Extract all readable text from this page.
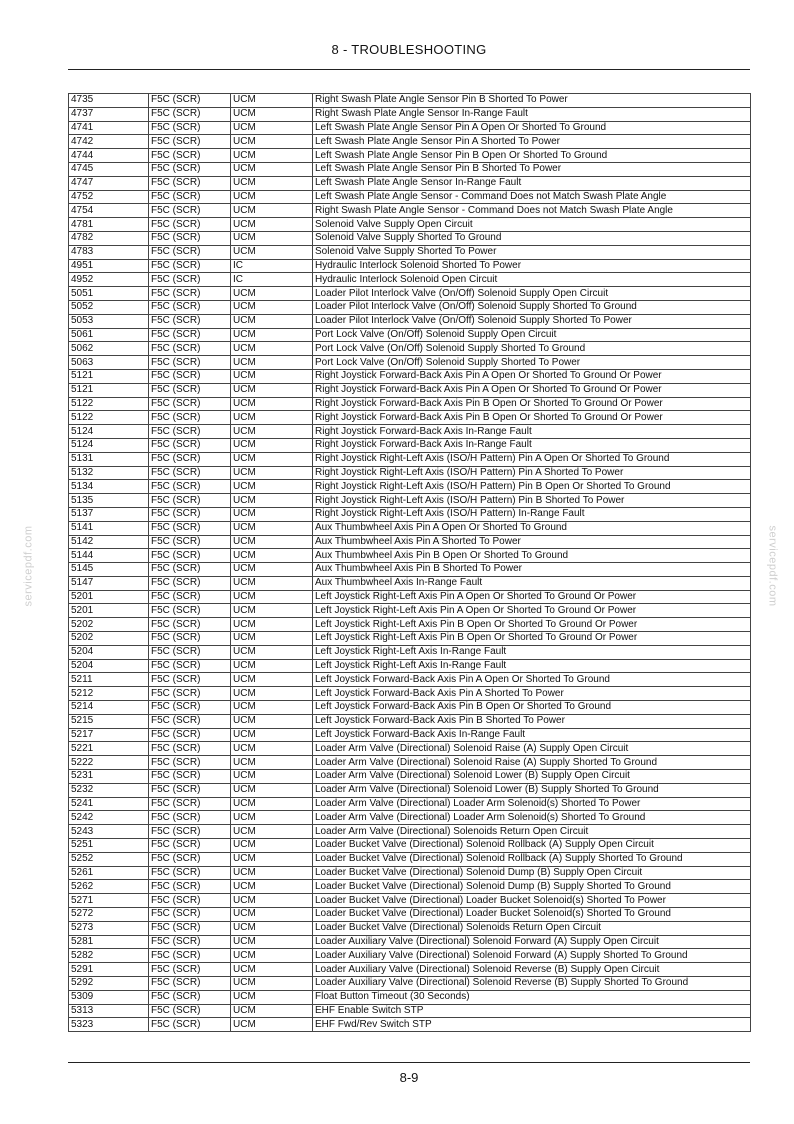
8 - TROUBLESHOOTING
servicepdf.com	servicepdf.com
4735	F5C (SCR)	UCM	Right Swash Plate Angle Sensor Pin B Shorted To Power
4737	F5C (SCR)	UCM	Right Swash Plate Angle Sensor In-Range Fault
4741	F5C (SCR)	UCM	Left Swash Plate Angle Sensor Pin A Open Or Shorted To Ground
4742	F5C (SCR)	UCM	Left Swash Plate Angle Sensor Pin A Shorted To Power
4744	F5C (SCR)	UCM	Left Swash Plate Angle Sensor Pin B Open Or Shorted To Ground
4745	F5C (SCR)	UCM	Left Swash Plate Angle Sensor Pin B Shorted To Power
4747	F5C (SCR)	UCM	Left Swash Plate Angle Sensor In-Range Fault
4752	F5C (SCR)	UCM	Left Swash Plate Angle Sensor - Command Does not Match Swash Plate Angle
4754	F5C (SCR)	UCM	Right Swash Plate Angle Sensor - Command Does not Match Swash Plate Angle
4781	F5C (SCR)	UCM	Solenoid Valve Supply Open Circuit
4782	F5C (SCR)	UCM	Solenoid Valve Supply Shorted To Ground
4783	F5C (SCR)	UCM	Solenoid Valve Supply Shorted To Power
4951	F5C (SCR)	IC	Hydraulic Interlock Solenoid Shorted To Power
4952	F5C (SCR)	IC	Hydraulic Interlock Solenoid Open Circuit
5051	F5C (SCR)	UCM	Loader Pilot Interlock Valve (On/Off) Solenoid Supply Open Circuit
5052	F5C (SCR)	UCM	Loader Pilot Interlock Valve (On/Off) Solenoid Supply Shorted To Ground
5053	F5C (SCR)	UCM	Loader Pilot Interlock Valve (On/Off) Solenoid Supply Shorted To Power
5061	F5C (SCR)	UCM	Port Lock Valve (On/Off) Solenoid Supply Open Circuit
5062	F5C (SCR)	UCM	Port Lock Valve (On/Off) Solenoid Supply Shorted To Ground
5063	F5C (SCR)	UCM	Port Lock Valve (On/Off) Solenoid Supply Shorted To Power
5121	F5C (SCR)	UCM	Right Joystick Forward-Back Axis Pin A Open Or Shorted To Ground Or Power
5121	F5C (SCR)	UCM	Right Joystick Forward-Back Axis Pin A Open Or Shorted To Ground Or Power
5122	F5C (SCR)	UCM	Right Joystick Forward-Back Axis Pin B Open Or Shorted To Ground Or Power
5122	F5C (SCR)	UCM	Right Joystick Forward-Back Axis Pin B Open Or Shorted To Ground Or Power
5124	F5C (SCR)	UCM	Right Joystick Forward-Back Axis In-Range Fault
5124	F5C (SCR)	UCM	Right Joystick Forward-Back Axis In-Range Fault
5131	F5C (SCR)	UCM	Right Joystick Right-Left Axis (ISO/H Pattern) Pin A Open Or Shorted To Ground
5132	F5C (SCR)	UCM	Right Joystick Right-Left Axis (ISO/H Pattern) Pin A Shorted To Power
5134	F5C (SCR)	UCM	Right Joystick Right-Left Axis (ISO/H Pattern) Pin B Open Or Shorted To Ground
5135	F5C (SCR)	UCM	Right Joystick Right-Left Axis (ISO/H Pattern) Pin B Shorted To Power
5137	F5C (SCR)	UCM	Right Joystick Right-Left Axis (ISO/H Pattern) In-Range Fault
5141	F5C (SCR)	UCM	Aux Thumbwheel Axis Pin A Open Or Shorted To Ground
5142	F5C (SCR)	UCM	Aux Thumbwheel Axis Pin A Shorted To Power
5144	F5C (SCR)	UCM	Aux Thumbwheel Axis Pin B Open Or Shorted To Ground
5145	F5C (SCR)	UCM	Aux Thumbwheel Axis Pin B Shorted To Power
5147	F5C (SCR)	UCM	Aux Thumbwheel Axis In-Range Fault
5201	F5C (SCR)	UCM	Left Joystick Right-Left Axis Pin A Open Or Shorted To Ground Or Power
5201	F5C (SCR)	UCM	Left Joystick Right-Left Axis Pin A Open Or Shorted To Ground Or Power
5202	F5C (SCR)	UCM	Left Joystick Right-Left Axis Pin B Open Or Shorted To Ground Or Power
5202	F5C (SCR)	UCM	Left Joystick Right-Left Axis Pin B Open Or Shorted To Ground Or Power
5204	F5C (SCR)	UCM	Left Joystick Right-Left Axis In-Range Fault
5204	F5C (SCR)	UCM	Left Joystick Right-Left Axis In-Range Fault
5211	F5C (SCR)	UCM	Left Joystick Forward-Back Axis Pin A Open Or Shorted To Ground
5212	F5C (SCR)	UCM	Left Joystick Forward-Back Axis Pin A Shorted To Power
5214	F5C (SCR)	UCM	Left Joystick Forward-Back Axis Pin B Open Or Shorted To Ground
5215	F5C (SCR)	UCM	Left Joystick Forward-Back Axis Pin B Shorted To Power
5217	F5C (SCR)	UCM	Left Joystick Forward-Back Axis In-Range Fault
5221	F5C (SCR)	UCM	Loader Arm Valve (Directional) Solenoid Raise (A) Supply Open Circuit
5222	F5C (SCR)	UCM	Loader Arm Valve (Directional) Solenoid Raise (A) Supply Shorted To Ground
5231	F5C (SCR)	UCM	Loader Arm Valve (Directional) Solenoid Lower (B) Supply Open Circuit
5232	F5C (SCR)	UCM	Loader Arm Valve (Directional) Solenoid Lower (B) Supply Shorted To Ground
5241	F5C (SCR)	UCM	Loader Arm Valve (Directional) Loader Arm Solenoid(s) Shorted To Power
5242	F5C (SCR)	UCM	Loader Arm Valve (Directional) Loader Arm Solenoid(s) Shorted To Ground
5243	F5C (SCR)	UCM	Loader Arm Valve (Directional) Solenoids Return Open Circuit
5251	F5C (SCR)	UCM	Loader Bucket Valve (Directional) Solenoid Rollback (A) Supply Open Circuit
5252	F5C (SCR)	UCM	Loader Bucket Valve (Directional) Solenoid Rollback (A) Supply Shorted To Ground
5261	F5C (SCR)	UCM	Loader Bucket Valve (Directional) Solenoid Dump (B) Supply Open Circuit
5262	F5C (SCR)	UCM	Loader Bucket Valve (Directional) Solenoid Dump (B) Supply Shorted To Ground
5271	F5C (SCR)	UCM	Loader Bucket Valve (Directional) Loader Bucket Solenoid(s) Shorted To Power
5272	F5C (SCR)	UCM	Loader Bucket Valve (Directional) Loader Bucket Solenoid(s) Shorted To Ground
5273	F5C (SCR)	UCM	Loader Bucket Valve (Directional) Solenoids Return Open Circuit
5281	F5C (SCR)	UCM	Loader Auxiliary Valve (Directional) Solenoid Forward (A) Supply Open Circuit
5282	F5C (SCR)	UCM	Loader Auxiliary Valve (Directional) Solenoid Forward (A) Supply Shorted To Ground
5291	F5C (SCR)	UCM	Loader Auxiliary Valve (Directional) Solenoid Reverse (B) Supply Open Circuit
5292	F5C (SCR)	UCM	Loader Auxiliary Valve (Directional) Solenoid Reverse (B) Supply Shorted To Ground
5309	F5C (SCR)	UCM	Float Button Timeout (30 Seconds)
5313	F5C (SCR)	UCM	EHF Enable Switch STP
5323	F5C (SCR)	UCM	EHF Fwd/Rev Switch STP
8-9
